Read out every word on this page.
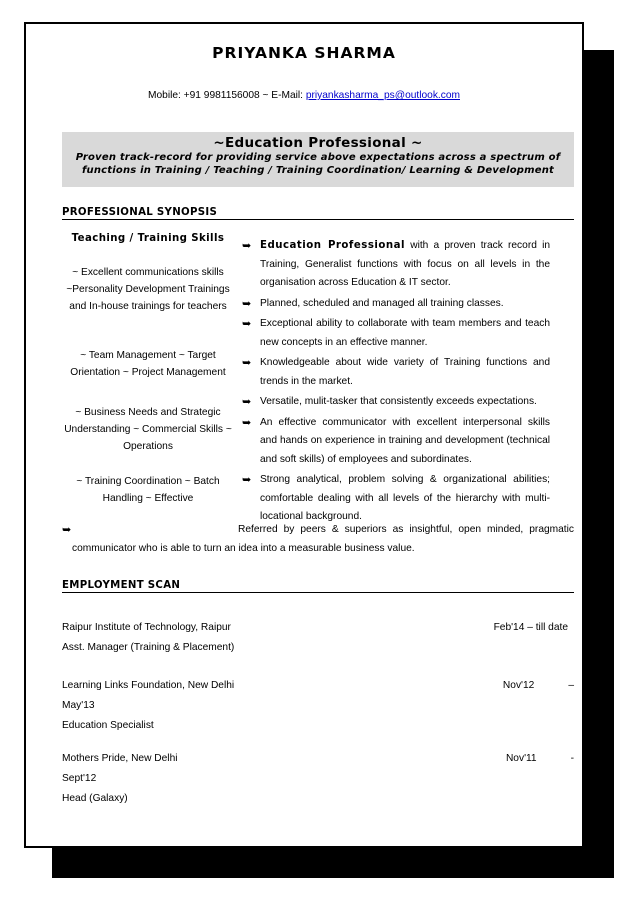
PRIYANKA SHARMA
Mobile: +91 9981156008 ~ E-Mail: priyankasharma_ps@outlook.com
~Education Professional ~
Proven track-record for providing service above expectations across a spectrum of functions in Training / Teaching / Training Coordination/ Learning & Development
PROFESSIONAL SYNOPSIS
Teaching / Training Skills
~ Excellent communications skills ~Personality Development Trainings and In-house trainings for teachers
~ Team Management ~ Target Orientation ~ Project Management
~ Business Needs and Strategic Understanding ~ Commercial Skills ~ Operations
~ Training Coordination ~ Batch Handling ~ Effective
➥ Education Professional with a proven track record in Training, Generalist functions with focus on all levels in the organisation across Education & IT sector.
➥ Planned, scheduled and managed all training classes.
➥ Exceptional ability to collaborate with team members and teach new concepts in an effective manner.
➥ Knowledgeable about wide variety of Training functions and trends in the market.
➥ Versatile, mulit-tasker that consistently exceeds expectations.
➥ An effective communicator with excellent interpersonal skills and hands on experience in training and development (technical and soft skills) of employees and subordinates.
➥ Strong analytical, problem solving & organizational abilities; comfortable dealing with all levels of the hierarchy with multi-locational background.
➥	Referred by peers & superiors as insightful, open minded, pragmatic
communicator who is able to turn an idea into a measurable business value.
EMPLOYMENT SCAN
Raipur Institute of Technology, Raipur	Feb'14 – till date
Asst. Manager (Training & Placement)
Learning Links Foundation, New Delhi	Nov'12	–
May'13
Education Specialist
Mothers Pride, New Delhi	Nov'11	-
Sept'12
Head (Galaxy)
